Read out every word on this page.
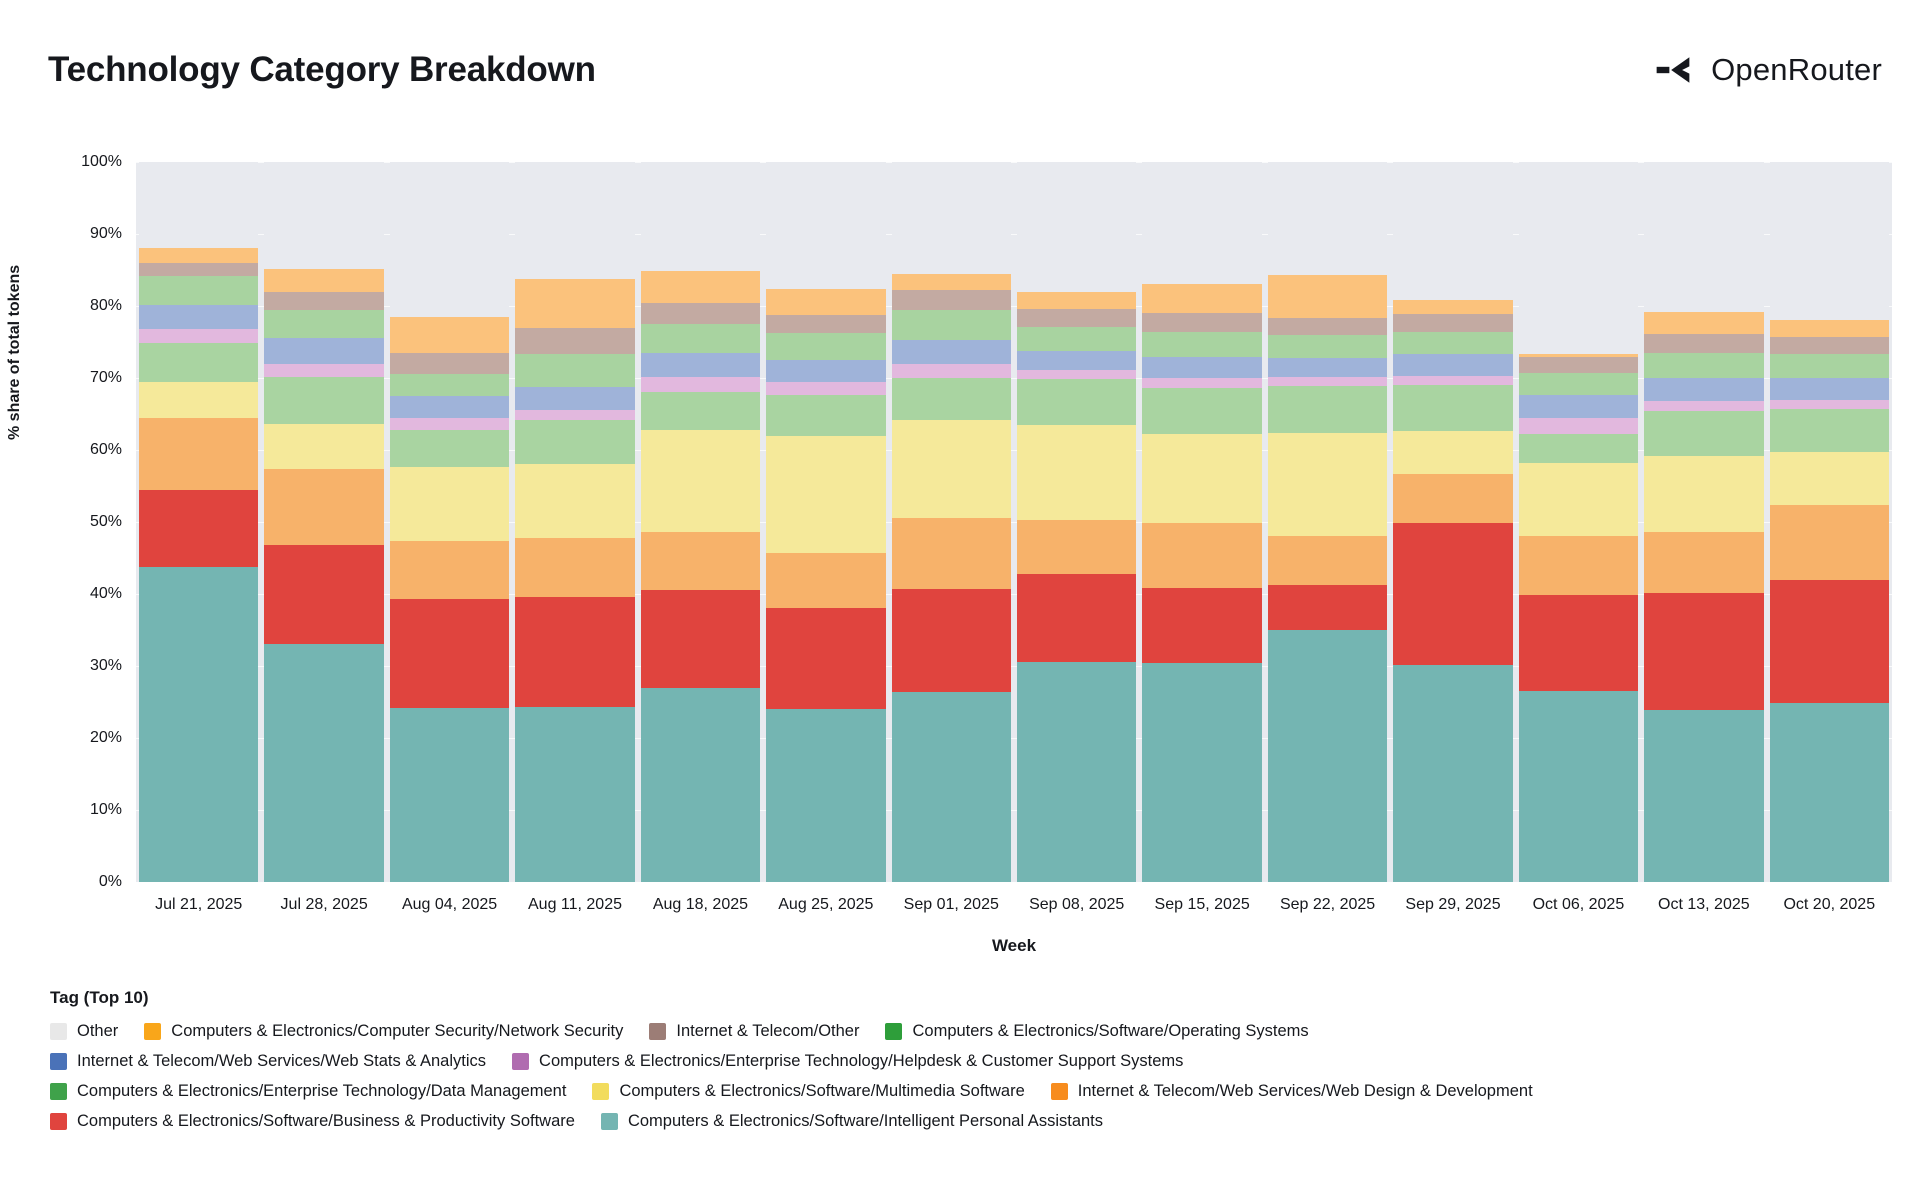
Technology Category Breakdown	OpenRouter
% share of total tokens
0%
10%
20%
30%
40%
50%
60%
70%
80%
90%
100%
Jul 21, 2025 Jul 28, 2025 Aug 04, 2025 Aug 11, 2025 Aug 18, 2025 Aug 25, 2025 Sep 01, 2025 Sep 08, 2025 Sep 15, 2025 Sep 22, 2025 Sep 29, 2025 Oct 06, 2025 Oct 13, 2025 Oct 20, 2025
Week
Tag (Top 10)
Other	Computers & Electronics/Computer Security/Network Security	Internet & Telecom/Other	Computers & Electronics/Software/Operating Systems
Internet & Telecom/Web Services/Web Stats & Analytics	Computers & Electronics/Enterprise Technology/Helpdesk & Customer Support Systems
Computers & Electronics/Enterprise Technology/Data Management	Computers & Electronics/Software/Multimedia Software	Internet & Telecom/Web Services/Web Design & Development
Computers & Electronics/Software/Business & Productivity Software	Computers & Electronics/Software/Intelligent Personal Assistants
